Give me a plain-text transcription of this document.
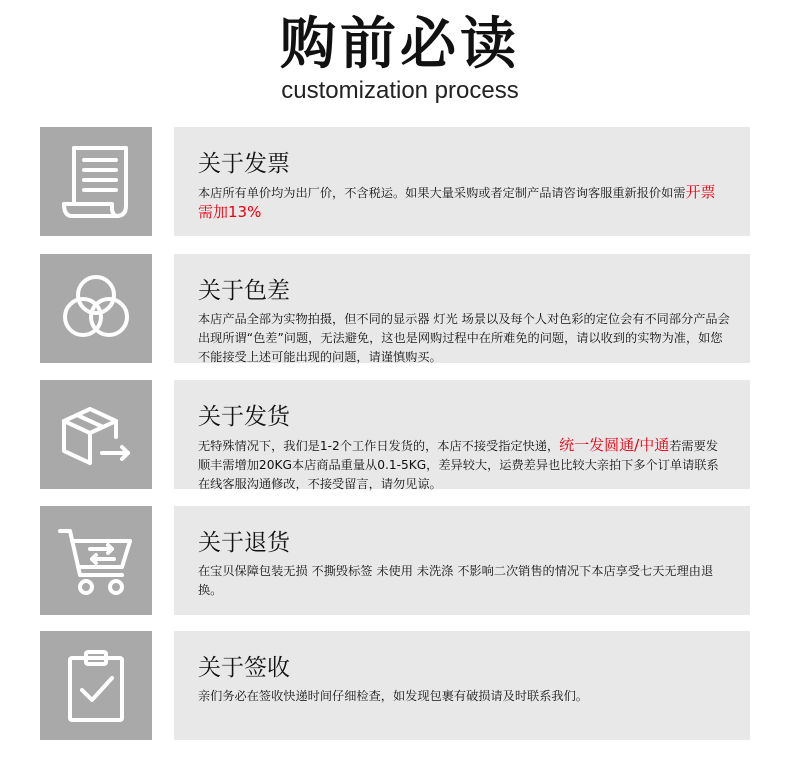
购前必读
customization process
关于发票

本店所有单价均为出厂价，不含税运。如果大量采购或者定制产品请咨询客服重新报价如需开票需加13%

关于色差

本店产品全部为实物拍摄，但不同的显示器 灯光 场景以及每个人对色彩的定位会有不同部分产品会出现所谓“色差”问题，无法避免，这也是网购过程中在所难免的问题，请以收到的实物为准，如您不能接受上述可能出现的问题，请谨慎购买。

关于发货

无特殊情况下，我们是1-2个工作日发货的，本店不接受指定快递，统一发圆通/中通若需要发顺丰需增加20KG本店商品重量从0.1-5KG，差异较大，运费差异也比较大亲拍下多个订单请联系在线客服沟通修改，不接受留言，请勿见谅。

关于退货

在宝贝保障包装无损 不撕毁标签 未使用 未洗涤 不影响二次销售的情况下本店享受七天无理由退换。

关于签收

亲们务必在签收快递时间仔细检查，如发现包裹有破损请及时联系我们。
